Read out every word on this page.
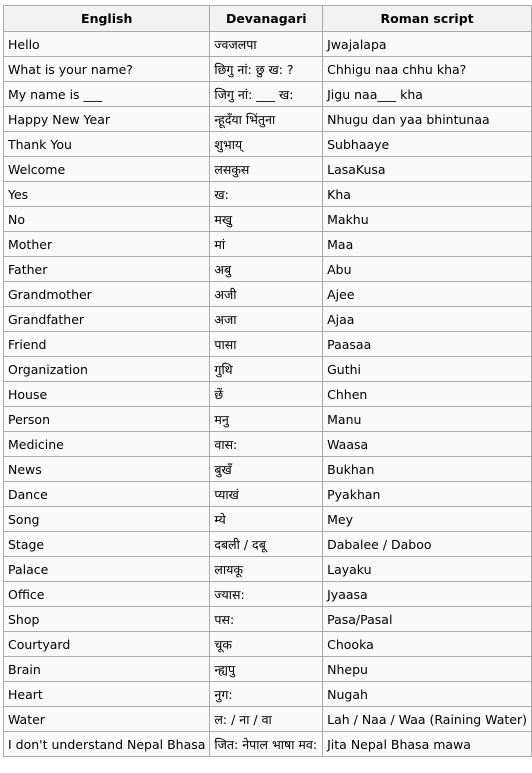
English	Devanagari	Roman script
Hello	ज्वजलपा	Jwajalapa
What is your name?	छिगु नां: छु ख: ?	Chhigu naa chhu kha?
My name is ___	जिगु नां: ___ ख:	Jigu naa___ kha
Happy New Year	न्हूदँया भिंतुना	Nhugu dan yaa bhintunaa
Thank You	शुभाय्	Subhaaye
Welcome	लसकुस	LasaKusa
Yes	ख:	Kha
No	मखु	Makhu
Mother	मां	Maa
Father	अबु	Abu
Grandmother	अजी	Ajee
Grandfather	अजा	Ajaa
Friend	पासा	Paasaa
Organization	गुथि	Guthi
House	छें	Chhen
Person	मनु	Manu
Medicine	वास:	Waasa
News	बुखँ	Bukhan
Dance	प्याखं	Pyakhan
Song	म्ये	Mey
Stage	दबली / दबू	Dabalee / Daboo
Palace	लायकू	Layaku
Office	ज्यास:	Jyaasa
Shop	पस:	Pasa/Pasal
Courtyard	चूक	Chooka
Brain	न्ह्यपु	Nhepu
Heart	नुग:	Nugah
Water	ल: / ना / वा	Lah / Naa / Waa (Raining Water)
I don't understand Nepal Bhasa	जित: नेपाल भाषा मव:	Jita Nepal Bhasa mawa
